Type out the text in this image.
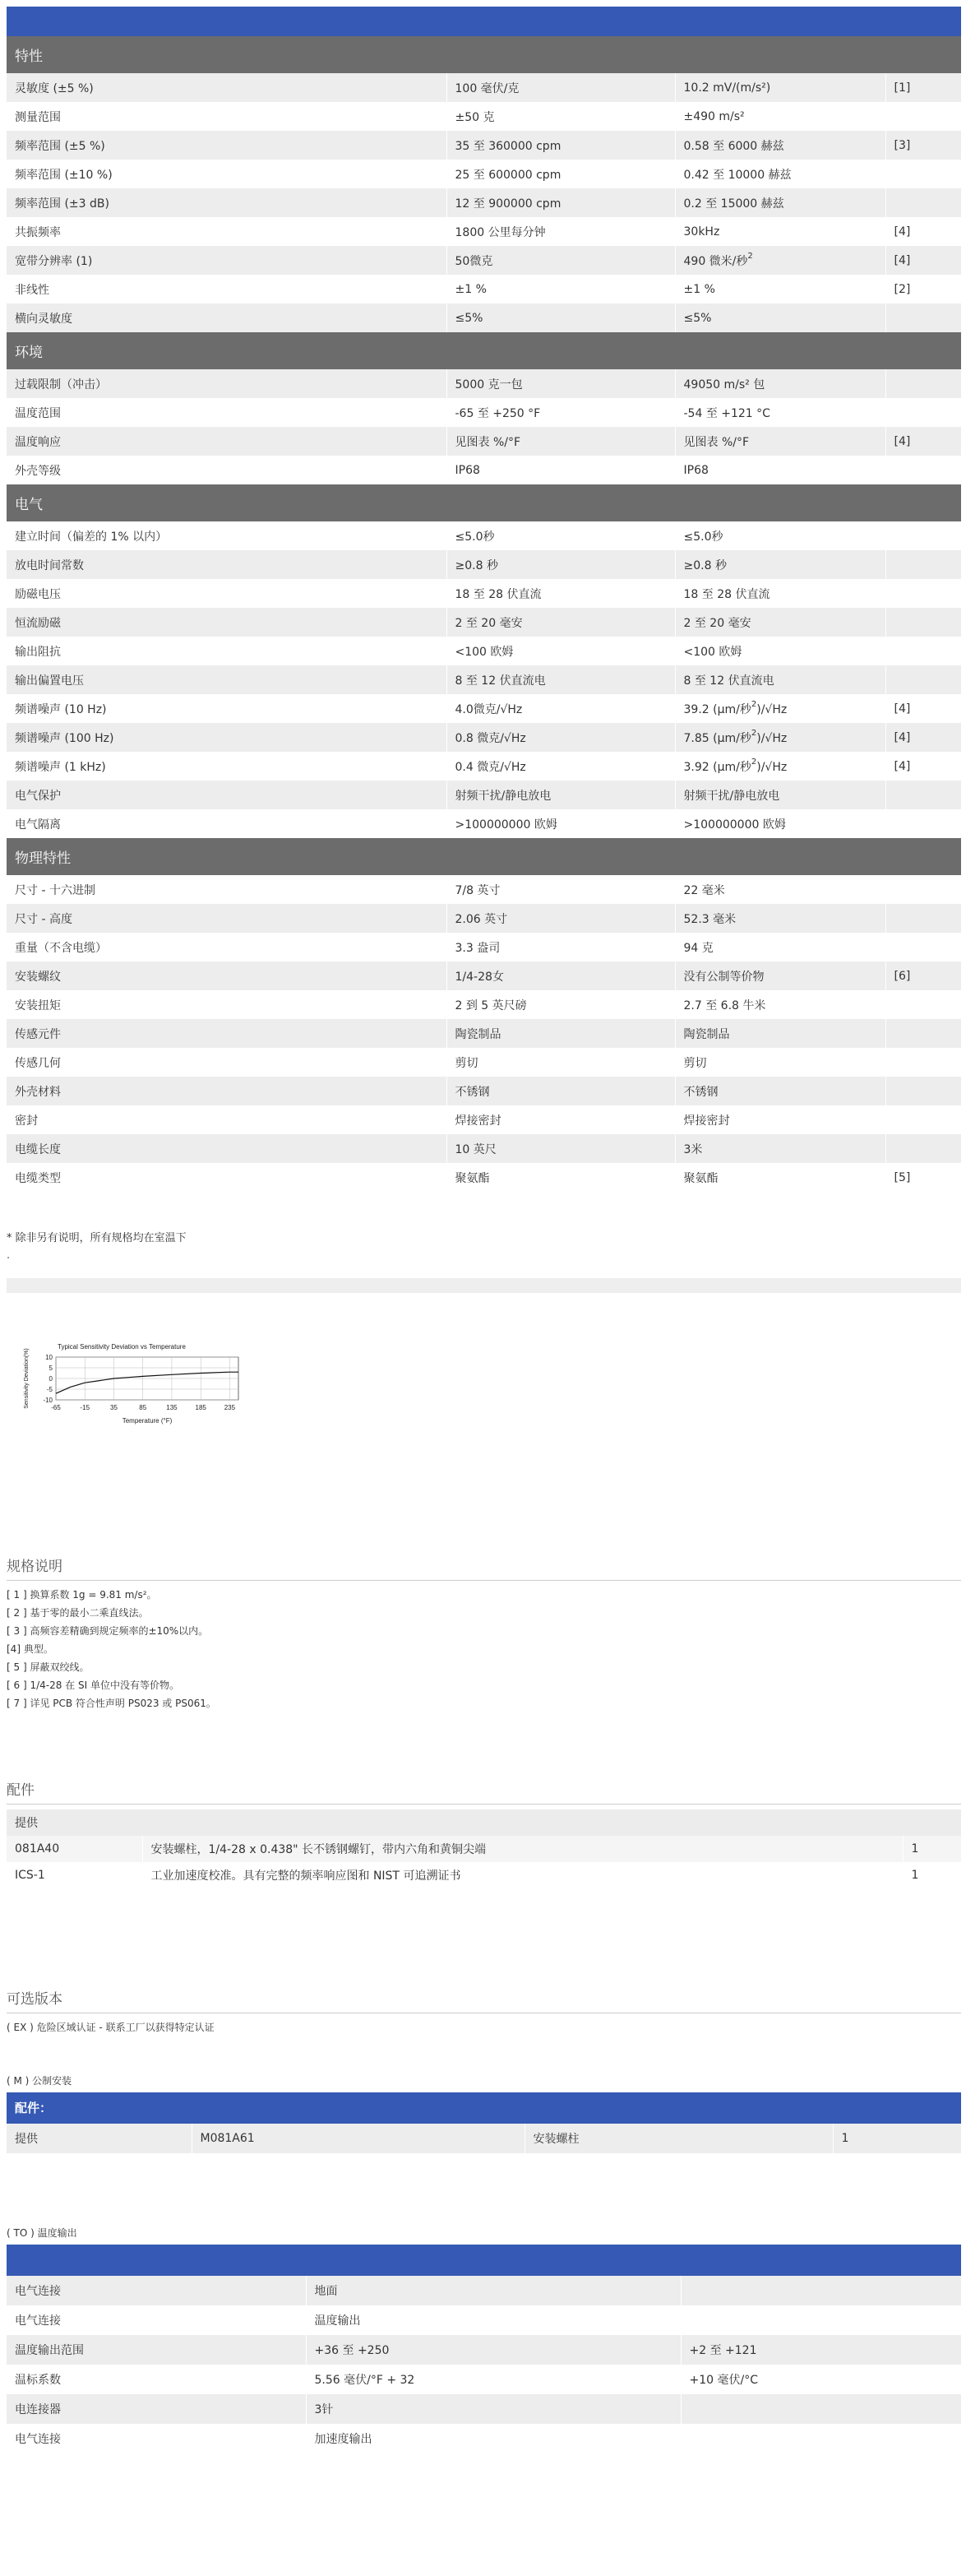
特性			
灵敏度 (±5 %)	100 毫伏/克	10.2 mV/(m/s²)	[1]
测量范围	±50 克	±490 m/s²	
频率范围 (±5 %)	35 至 360000 cpm	0.58 至 6000 赫兹	[3]
频率范围 (±10 %)	25 至 600000 cpm	0.42 至 10000 赫兹	
频率范围 (±3 dB)	12 至 900000 cpm	0.2 至 15000 赫兹	
共振频率	1800 公里每分钟	30kHz	[4]
宽带分辨率 (1)	50微克	490 微米/秒$^2$	[4]
非线性	±1 %	±1 %	[2]
横向灵敏度	≤5%	≤5%	
环境			
过载限制（冲击）	5000 克一包	49050 m/s² 包	
温度范围	-65 至 +250 °F	-54 至 +121 °C	
温度响应	见图表 %/°F	见图表 %/°F	[4]
外壳等级	IP68	IP68	
电气			
建立时间（偏差的 1% 以内）	≤5.0秒	≤5.0秒	
放电时间常数	≥0.8 秒	≥0.8 秒	
励磁电压	18 至 28 伏直流	18 至 28 伏直流	
恒流励磁	2 至 20 毫安	2 至 20 毫安	
输出阻抗	<100 欧姆	<100 欧姆	
输出偏置电压	8 至 12 伏直流电	8 至 12 伏直流电	
频谱噪声 (10 Hz)	4.0微克/√Hz	39.2 (μm/秒$^2$)/√Hz	[4]
频谱噪声 (100 Hz)	0.8 微克/√Hz	7.85 (μm/秒$^2$)/√Hz	[4]
频谱噪声 (1 kHz)	0.4 微克/√Hz	3.92 (μm/秒$^2$)/√Hz	[4]
电气保护	射频干扰/静电放电	射频干扰/静电放电	
电气隔离	>100000000 欧姆	>100000000 欧姆	
物理特性			
尺寸 - 十六进制	7/8 英寸	22 毫米	
尺寸 - 高度	2.06 英寸	52.3 毫米	
重量（不含电缆）	3.3 盎司	94 克	
安装螺纹	1/4-28女	没有公制等价物	[6]
安装扭矩	2 到 5 英尺磅	2.7 至 6.8 牛米	
传感元件	陶瓷制品	陶瓷制品	
传感几何	剪切	剪切	
外壳材料	不锈钢	不锈钢	
密封	焊接密封	焊接密封	
电缆长度	10 英尺	3米	
电缆类型	聚氨酯	聚氨酯	[5]
* 除非另有说明，所有规格均在室温下
.
Typical Sensitivity Deviation vs Temperature
10
5
0
-5
-10
-65	-15	35	85	135	185	235
Temperature (°F)
Sensitivity Deviation(%)
规格说明
[ 1 ] 换算系数 1g = 9.81 m/s²。
[ 2 ] 基于零的最小二乘直线法。
[ 3 ] 高频容差精确到规定频率的±10%以内。
[4] 典型。
[ 5 ] 屏蔽双绞线。
[ 6 ] 1/4-28 在 SI 单位中没有等价物。
[ 7 ] 详见 PCB 符合性声明 PS023 或 PS061。
配件
提供		
081A40	安装螺柱，1/4-28 x 0.438" 长不锈钢螺钉，带内六角和黄铜尖端	1
ICS-1	工业加速度校准。具有完整的频率响应图和 NIST 可追溯证书	1
可选版本
( EX ) 危险区域认证 - 联系工厂以获得特定认证
( M ) 公制安装
配件：
提供	M081A61	安装螺柱	1
( TO ) 温度输出
电气连接	地面	
电气连接	温度输出	
温度输出范围	+36 至 +250	+2 至 +121
温标系数	5.56 毫伏/°F + 32	+10 毫伏/°C
电连接器	3针	
电气连接	加速度输出	
